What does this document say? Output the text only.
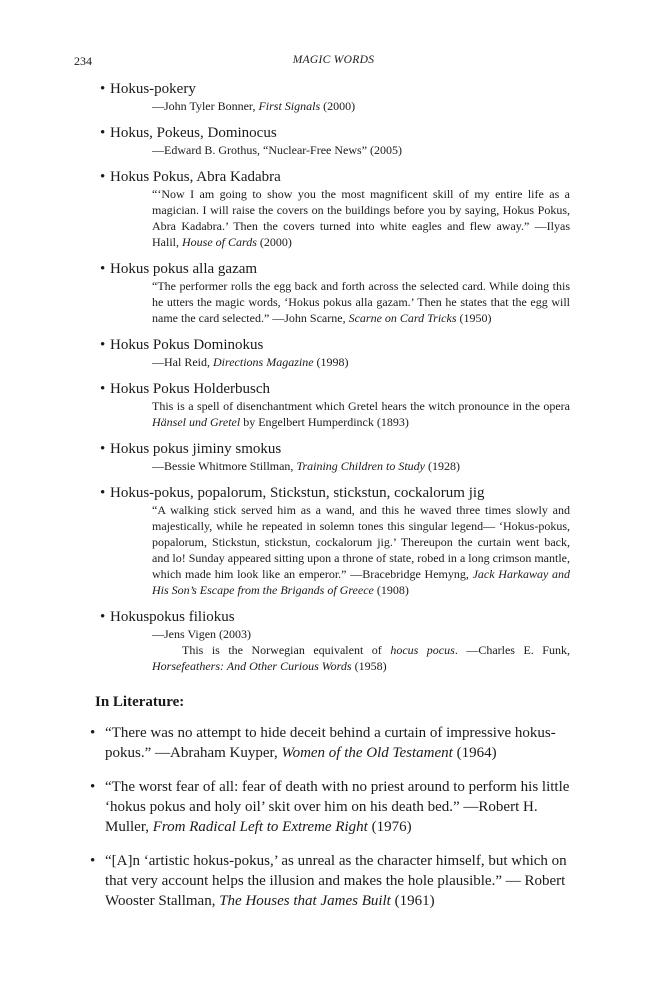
234	MAGIC WORDS
• Hokus-pokery
—John Tyler Bonner, First Signals (2000)
• Hokus, Pokeus, Dominocus
—Edward B. Grothus, “Nuclear-Free News” (2005)
• Hokus Pokus, Abra Kadabra
“‘Now I am going to show you the most magnificent skill of my entire life as a magician. I will raise the covers on the buildings before you by saying, Hokus Pokus, Abra Kadabra.’ Then the covers turned into white eagles and flew away.” —Ilyas Halil, House of Cards (2000)
• Hokus pokus alla gazam
“The performer rolls the egg back and forth across the selected card. While doing this he utters the magic words, ‘Hokus pokus alla gazam.’ Then he states that the egg will name the card selected.” —John Scarne, Scarne on Card Tricks (1950)
• Hokus Pokus Dominokus
—Hal Reid, Directions Magazine (1998)
• Hokus Pokus Holderbusch
This is a spell of disenchantment which Gretel hears the witch pronounce in the opera Hänsel und Gretel by Engelbert Humperdinck (1893)
• Hokus pokus jiminy smokus
—Bessie Whitmore Stillman, Training Children to Study (1928)
• Hokus-pokus, popalorum, Stickstun, stickstun, cockalorum jig
“A walking stick served him as a wand, and this he waved three times slowly and majestically, while he repeated in solemn tones this singular legend— ‘Hokus-pokus, popalorum, Stickstun, stickstun, cockalorum jig.’ Thereupon the curtain went back, and lo! Sunday appeared sitting upon a throne of state, robed in a long crimson mantle, which made him look like an emperor.” —Bracebridge Hemyng, Jack Harkaway and His Son’s Escape from the Brigands of Greece (1908)
• Hokuspokus filiokus
—Jens Vigen (2003)
This is the Norwegian equivalent of hocus pocus. —Charles E. Funk, Horsefeathers: And Other Curious Words (1958)
In Literature:
• “There was no attempt to hide deceit behind a curtain of impressive hokus-pokus.” —Abraham Kuyper, Women of the Old Testament (1964)
• “The worst fear of all: fear of death with no priest around to perform his little ‘hokus pokus and holy oil’ skit over him on his death bed.” —Robert H. Muller, From Radical Left to Extreme Right (1976)
• “[A]n ‘artistic hokus-pokus,’ as unreal as the character himself, but which on that very account helps the illusion and makes the hole plausible.” — Robert Wooster Stallman, The Houses that James Built (1961)
